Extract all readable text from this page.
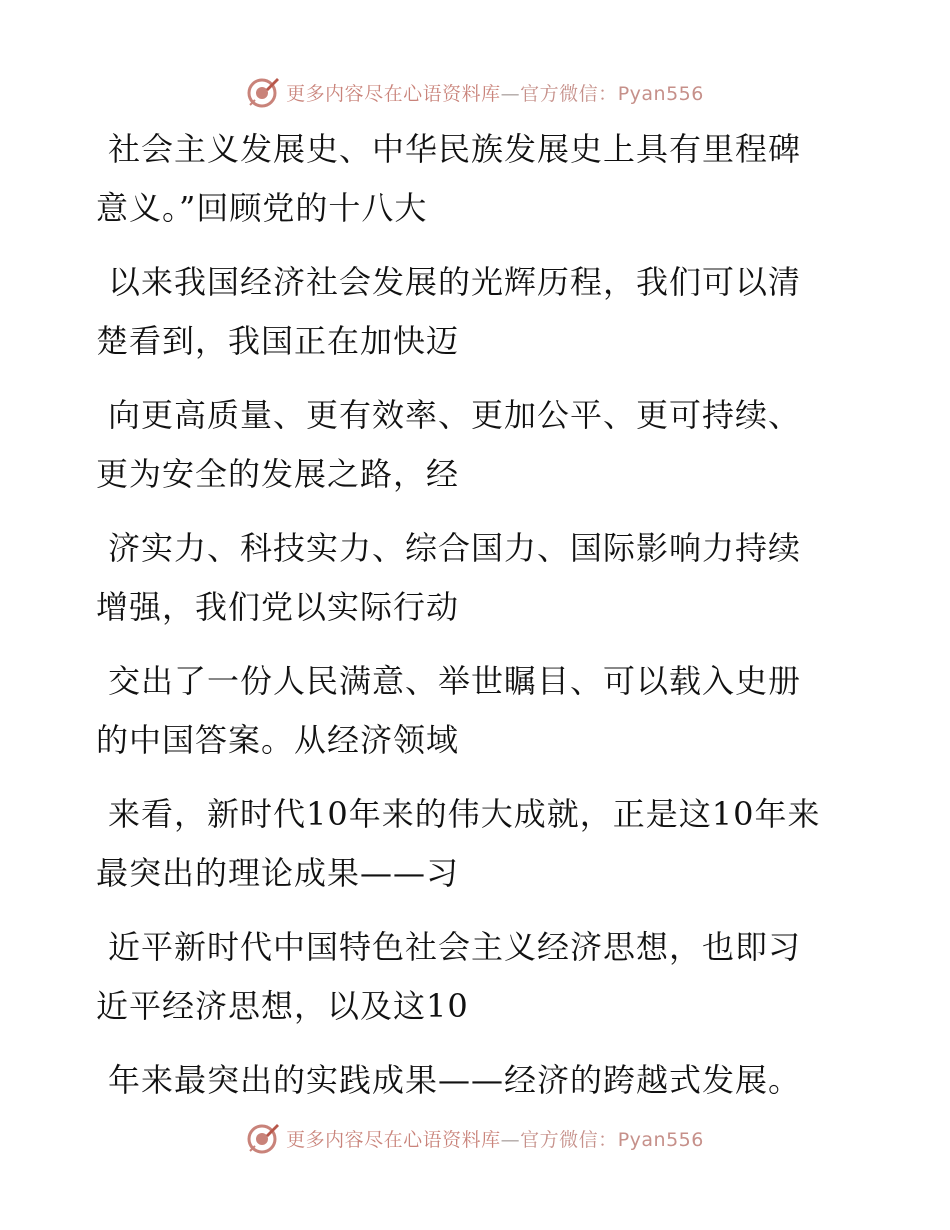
更多内容尽在心语资料库—官方微信：Pyan556
社会主义发展史、中华民族发展史上具有里程碑
意义。”回顾党的十八大
以来我国经济社会发展的光辉历程，我们可以清
楚看到，我国正在加快迈
向更高质量、更有效率、更加公平、更可持续、
更为安全的发展之路，经
济实力、科技实力、综合国力、国际影响力持续
增强，我们党以实际行动
交出了一份人民满意、举世瞩目、可以载入史册
的中国答案。从经济领域
来看，新时代10年来的伟大成就，正是这10年来
最突出的理论成果——习
近平新时代中国特色社会主义经济思想，也即习
近平经济思想，以及这10
年来最突出的实践成果——经济的跨越式发展。
更多内容尽在心语资料库—官方微信：Pyan556
